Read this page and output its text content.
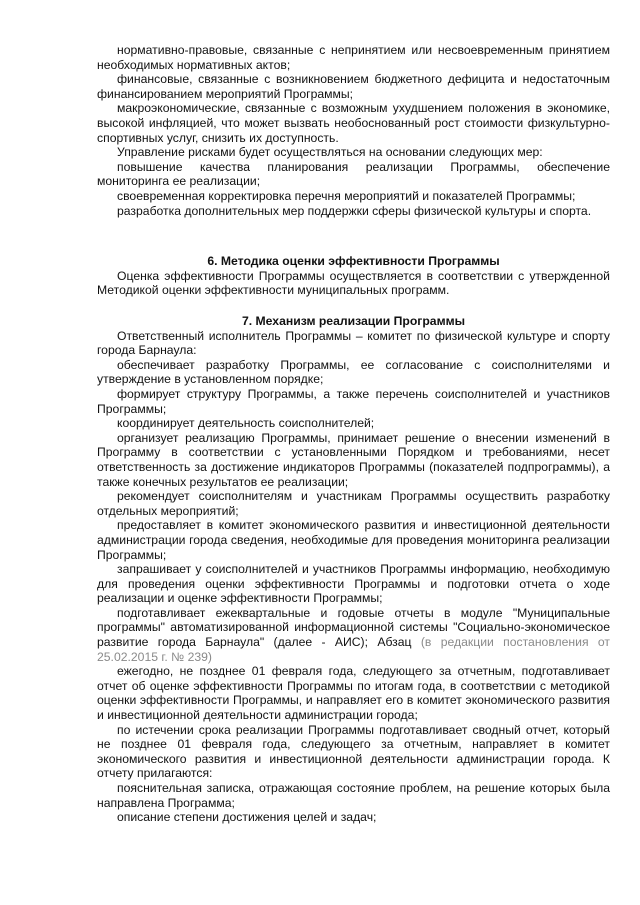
нормативно-правовые, связанные с непринятием или несвоевременным принятием необходимых нормативных актов;

финансовые, связанные с возникновением бюджетного дефицита и недостаточным финансированием мероприятий Программы;

макроэкономические, связанные с возможным ухудшением положения в экономике, высокой инфляцией, что может вызвать необоснованный рост стоимости физкультурно-спортивных услуг, снизить их доступность.

Управление рисками будет осуществляться на основании следующих мер:

повышение качества планирования реализации Программы, обеспечение мониторинга ее реализации;

своевременная корректировка перечня мероприятий и показателей Программы;

разработка дополнительных мер поддержки сферы физической культуры и спорта.

6. Методика оценки эффективности Программы

Оценка эффективности Программы осуществляется в соответствии с утвержденной Методикой оценки эффективности муниципальных программ.

7. Механизм реализации Программы

Ответственный исполнитель Программы – комитет по физической культуре и спорту города Барнаула:

обеспечивает разработку Программы, ее согласование с соисполнителями и утверждение в установленном порядке;

формирует структуру Программы, а также перечень соисполнителей и участников Программы;

координирует деятельность соисполнителей;

организует реализацию Программы, принимает решение о внесении изменений в Программу в соответствии с установленными Порядком и требованиями, несет ответственность за достижение индикаторов Программы (показателей подпрограммы), а также конечных результатов ее реализации;

рекомендует соисполнителям и участникам Программы осуществить разработку отдельных мероприятий;

предоставляет в комитет экономического развития и инвестиционной деятельности администрации города сведения, необходимые для проведения мониторинга реализации Программы;

запрашивает у соисполнителей и участников Программы информацию, необходимую для проведения оценки эффективности Программы и подготовки отчета о ходе реализации и оценке эффективности Программы;

подготавливает ежеквартальные и годовые отчеты в модуле "Муниципальные программы" автоматизированной информационной системы "Социально-экономическое развитие города Барнаула" (далее - АИС); Абзац (в редакции постановления от 25.02.2015 г. № 239)

ежегодно, не позднее 01 февраля года, следующего за отчетным, подготавливает отчет об оценке эффективности Программы по итогам года, в соответствии с методикой оценки эффективности Программы, и направляет его в комитет экономического развития и инвестиционной деятельности администрации города;

по истечении срока реализации Программы подготавливает сводный отчет, который не позднее 01 февраля года, следующего за отчетным, направляет в комитет экономического развития и инвестиционной деятельности администрации города. К отчету прилагаются:

пояснительная записка, отражающая состояние проблем, на решение которых была направлена Программа;

описание степени достижения целей и задач;
